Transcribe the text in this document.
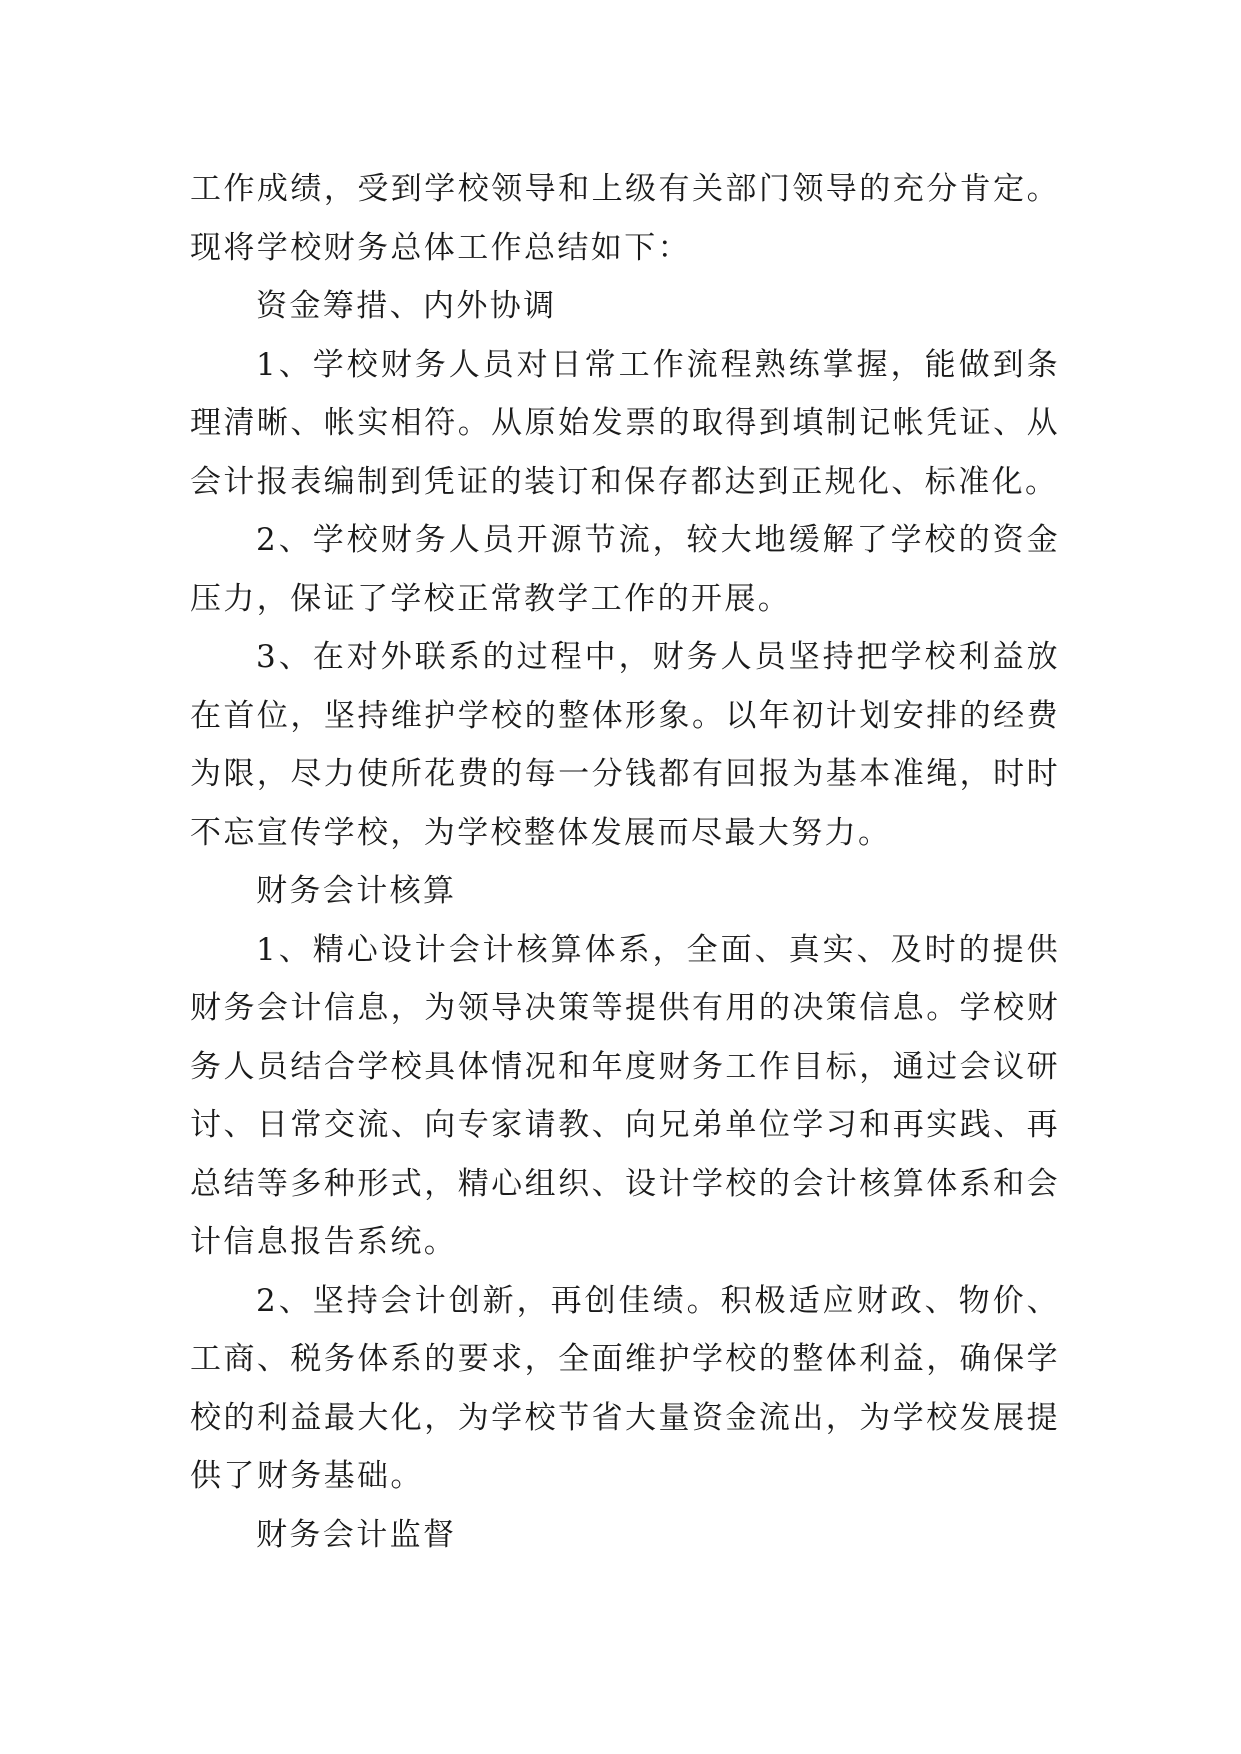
工作成绩，受到学校领导和上级有关部门领导的充分肯定。现将学校财务总体工作总结如下：

资金筹措、内外协调

1、学校财务人员对日常工作流程熟练掌握，能做到条理清晰、帐实相符。从原始发票的取得到填制记帐凭证、从会计报表编制到凭证的装订和保存都达到正规化、标准化。

2、学校财务人员开源节流，较大地缓解了学校的资金压力，保证了学校正常教学工作的开展。

3、在对外联系的过程中，财务人员坚持把学校利益放在首位，坚持维护学校的整体形象。以年初计划安排的经费为限，尽力使所花费的每一分钱都有回报为基本准绳，时时不忘宣传学校，为学校整体发展而尽最大努力。

财务会计核算

1、精心设计会计核算体系，全面、真实、及时的提供财务会计信息，为领导决策等提供有用的决策信息。学校财务人员结合学校具体情况和年度财务工作目标，通过会议研讨、日常交流、向专家请教、向兄弟单位学习和再实践、再总结等多种形式，精心组织、设计学校的会计核算体系和会计信息报告系统。

2、坚持会计创新，再创佳绩。积极适应财政、物价、工商、税务体系的要求，全面维护学校的整体利益，确保学校的利益最大化，为学校节省大量资金流出，为学校发展提供了财务基础。

财务会计监督
